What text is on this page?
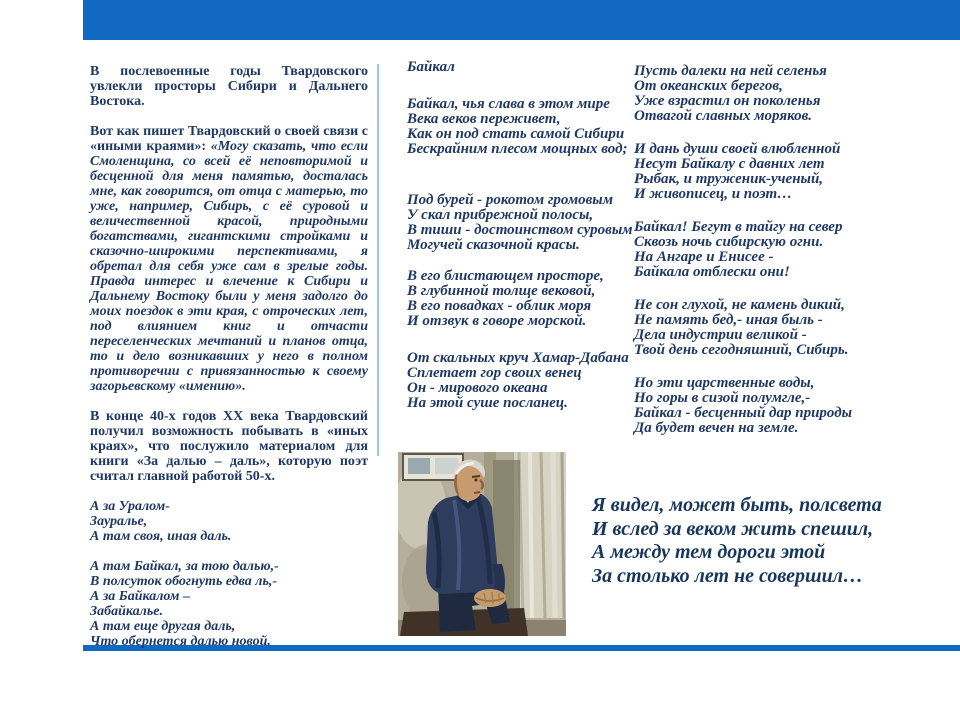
В послевоенные годы Твардовского увлекли просторы Сибири и Дальнего Востока.

Вот как пишет Твардовский о своей связи с «иными краями»: «Могу сказать, что если Смоленщина, со всей её неповторимой и бесценной для меня памятью, досталась мне, как говорится, от отца с матерью, то уже, например, Сибирь, с её суровой и величественной красой, природными богатствами, гигантскими стройками и сказочно-широкими перспективами, я обретал для себя уже сам в зрелые годы. Правда интерес и влечение к Сибири и Дальнему Востоку были у меня задолго до моих поездок в эти края, с отроческих лет, под влиянием книг и отчасти переселенческих мечтаний и планов отца, то и дело возникавших у него в полном противоречии с привязанностью к своему загорьевскому «имению».

В конце 40-х годов XX века Твардовский получил возможность побывать в «иных краях», что послужило материалом для книги «За далью – даль», которую поэт считал главной работой 50-х.

А за Уралом-
Зауралье,
А там своя, иная даль.
А там Байкал, за тою далью,-
В полсуток обогнуть едва ль,-
А за Байкалом –
Забайкалье.
А там еще другая даль,
Что обернется далью новой.
Байкал
Байкал, чья слава в этом мире
Века веков переживет,
Как он под стать самой Сибири
Бескрайним плесом мощных вод;
Под бурей - рокотом громовым
У скал прибрежной полосы,
В тиши - достоинством суровым
Могучей сказочной красы.
В его блистающем просторе,
В глубинной толще вековой,
В его повадках - облик моря
И отзвук в говоре морской.
От скальных круч Хамар-Дабана
Сплетает гор своих венец
Он - мирового океана
На этой суше посланец.
Пусть далеки на ней селенья
От океанских берегов,
Уже взрастил он поколенья
Отвагой славных моряков.
И дань души своей влюбленной
Несут Байкалу с давних лет
Рыбак, и труженик-ученый,
И живописец, и поэт…
Байкал! Бегут в тайгу на север
Сквозь ночь сибирскую огни.
На Ангаре и Енисее -
Байкала отблески они!
Не сон глухой, не камень дикий,
Не память бед,- иная быль -
Дела индустрии великой -
Твой день сегодняшний, Сибирь.
Но эти царственные воды,
Но горы в сизой полумгле,-
Байкал - бесценный дар природы
Да будет вечен на земле.
Я видел, может быть, полсвета
И вслед за веком жить спешил,
А между тем дороги этой
За столько лет не совершил…
